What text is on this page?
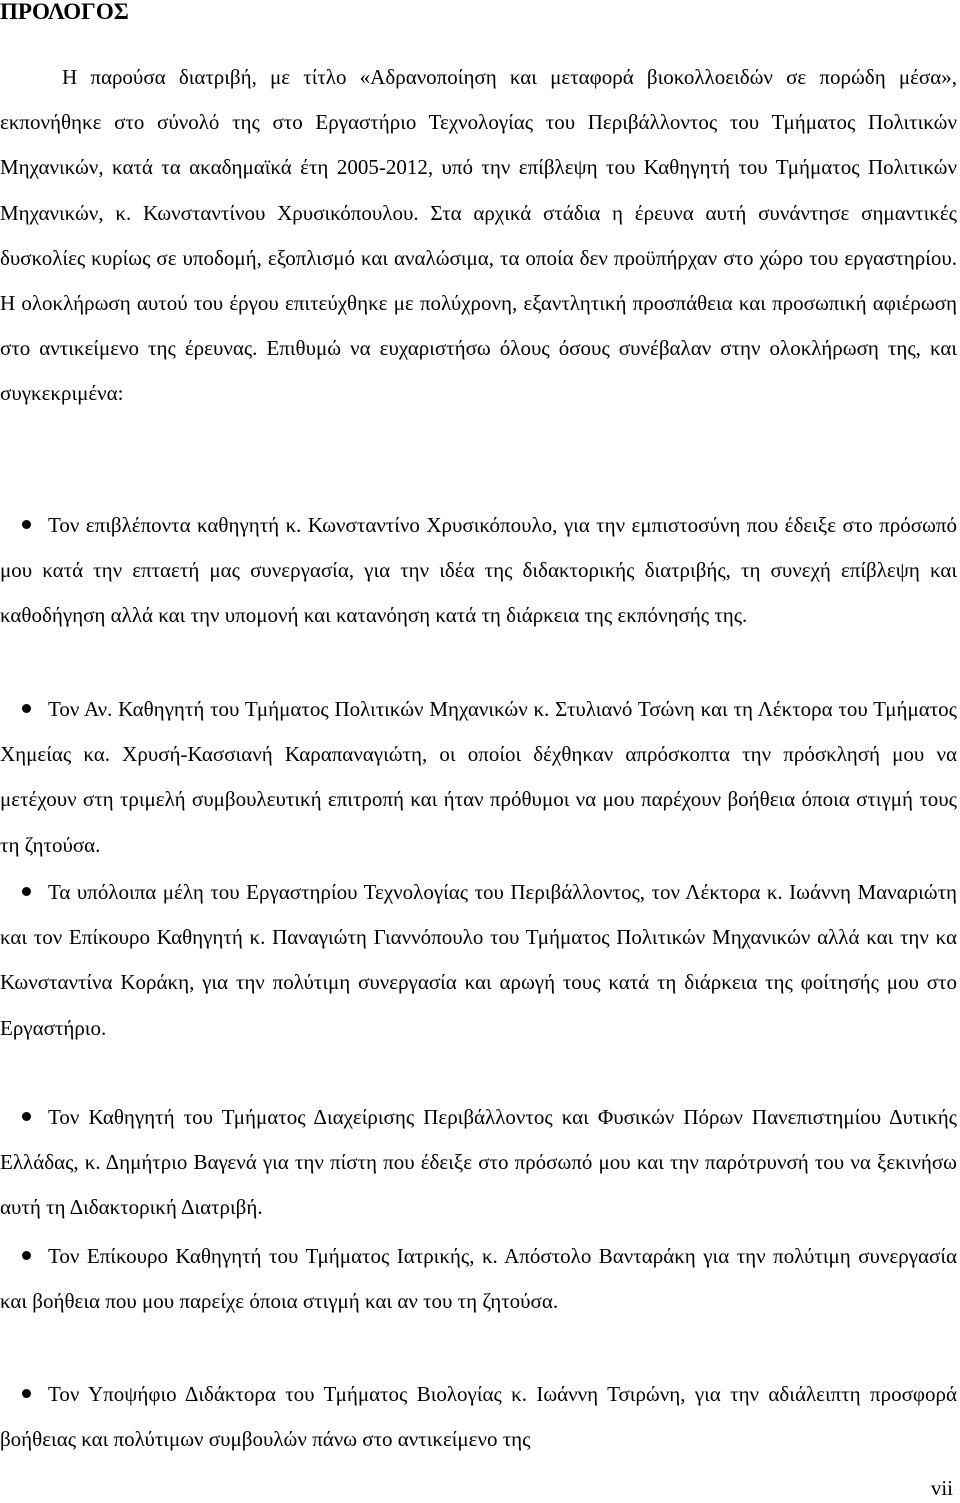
ΠΡΟΛΟΓΟΣ

Η παρούσα διατριβή, με τίτλο «Αδρανοποίηση και μεταφορά βιοκολλοειδών σε πορώδη μέσα», εκπονήθηκε στο σύνολό της στο Εργαστήριο Τεχνολογίας του Περιβάλλοντος του Τμήματος Πολιτικών Μηχανικών, κατά τα ακαδημαϊκά έτη 2005-2012, υπό την επίβλεψη του Καθηγητή του Τμήματος Πολιτικών Μηχανικών, κ. Κωνσταντίνου Χρυσικόπουλου. Στα αρχικά στάδια η έρευνα αυτή συνάντησε σημαντικές δυσκολίες κυρίως σε υποδομή, εξοπλισμό και αναλώσιμα, τα οποία δεν προϋπήρχαν στο χώρο του εργαστηρίου. Η ολοκλήρωση αυτού του έργου επιτεύχθηκε με πολύχρονη, εξαντλητική προσπάθεια και προσωπική αφιέρωση στο αντικείμενο της έρευνας. Επιθυμώ να ευχαριστήσω όλους όσους συνέβαλαν στην ολοκλήρωση της, και συγκεκριμένα:

Τον επιβλέποντα καθηγητή κ. Κωνσταντίνο Χρυσικόπουλο, για την εμπιστοσύνη που έδειξε στο πρόσωπό μου κατά την επταετή μας συνεργασία, για την ιδέα της διδακτορικής διατριβής, τη συνεχή επίβλεψη και καθοδήγηση αλλά και την υπομονή και κατανόηση κατά τη διάρκεια της εκπόνησής της.

Τον Αν. Καθηγητή του Τμήματος Πολιτικών Μηχανικών κ. Στυλιανό Τσώνη και τη Λέκτορα του Τμήματος Χημείας κα. Χρυσή-Κασσιανή Καραπαναγιώτη, οι οποίοι δέχθηκαν απρόσκοπτα την πρόσκλησή μου να μετέχουν στη τριμελή συμβουλευτική επιτροπή και ήταν πρόθυμοι να μου παρέχουν βοήθεια όποια στιγμή τους τη ζητούσα.

Τα υπόλοιπα μέλη του Εργαστηρίου Τεχνολογίας του Περιβάλλοντος, τον Λέκτορα κ. Ιωάννη Μαναριώτη και τον Επίκουρο Καθηγητή κ. Παναγιώτη Γιαννόπουλο του Τμήματος Πολιτικών Μηχανικών αλλά και την κα Κωνσταντίνα Κοράκη, για την πολύτιμη συνεργασία και αρωγή τους κατά τη διάρκεια της φοίτησής μου στο Εργαστήριο.

Τον Καθηγητή του Τμήματος Διαχείρισης Περιβάλλοντος και Φυσικών Πόρων Πανεπιστημίου Δυτικής Ελλάδας, κ. Δημήτριο Βαγενά για την πίστη που έδειξε στο πρόσωπό μου και την παρότρυνσή του να ξεκινήσω αυτή τη Διδακτορική Διατριβή.

Τον Επίκουρο Καθηγητή του Τμήματος Ιατρικής, κ. Απόστολο Βανταράκη για την πολύτιμη συνεργασία και βοήθεια που μου παρείχε όποια στιγμή και αν του τη ζητούσα.

Τον Υποψήφιο Διδάκτορα του Τμήματος Βιολογίας κ. Ιωάννη Τσιρώνη, για την αδιάλειπτη προσφορά βοήθειας και πολύτιμων συμβουλών πάνω στο αντικείμενο της

vii
